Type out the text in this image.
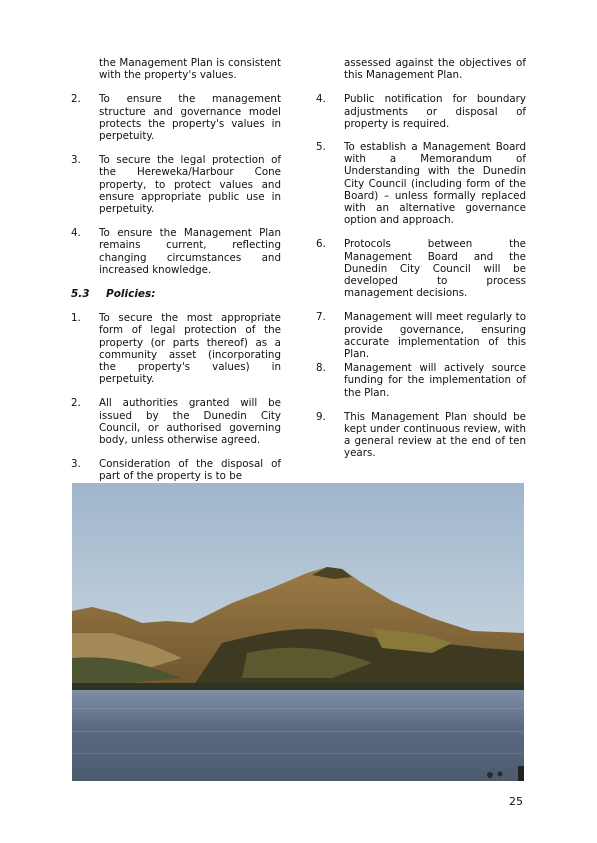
the Management Plan is consistent with the property's values.
2. To ensure the management structure and governance model protects the property's values in perpetuity.
3. To secure the legal protection of the Hereweka/Harbour Cone property, to protect values and ensure appropriate public use in perpetuity.
4. To ensure the Management Plan remains current, reflecting changing circumstances and increased knowledge.
5.3 Policies:
1. To secure the most appropriate form of legal protection of the property (or parts thereof) as a community asset (incorporating the property's values) in perpetuity.
2. All authorities granted will be issued by the Dunedin City Council, or authorised governing body, unless otherwise agreed.
3. Consideration of the disposal of part of the property is to be
assessed against the objectives of this Management Plan.
4. Public notification for boundary adjustments or disposal of property is required.
5. To establish a Management Board with a Memorandum of Understanding with the Dunedin City Council (including form of the Board) – unless formally replaced with an alternative governance option and approach.
6. Protocols between the Management Board and the Dunedin City Council will be developed to process management decisions.
7. Management will meet regularly to provide governance, ensuring accurate implementation of this Plan.
8. Management will actively source funding for the implementation of the Plan.
9. This Management Plan should be kept under continuous review, with a general review at the end of ten years.
25
